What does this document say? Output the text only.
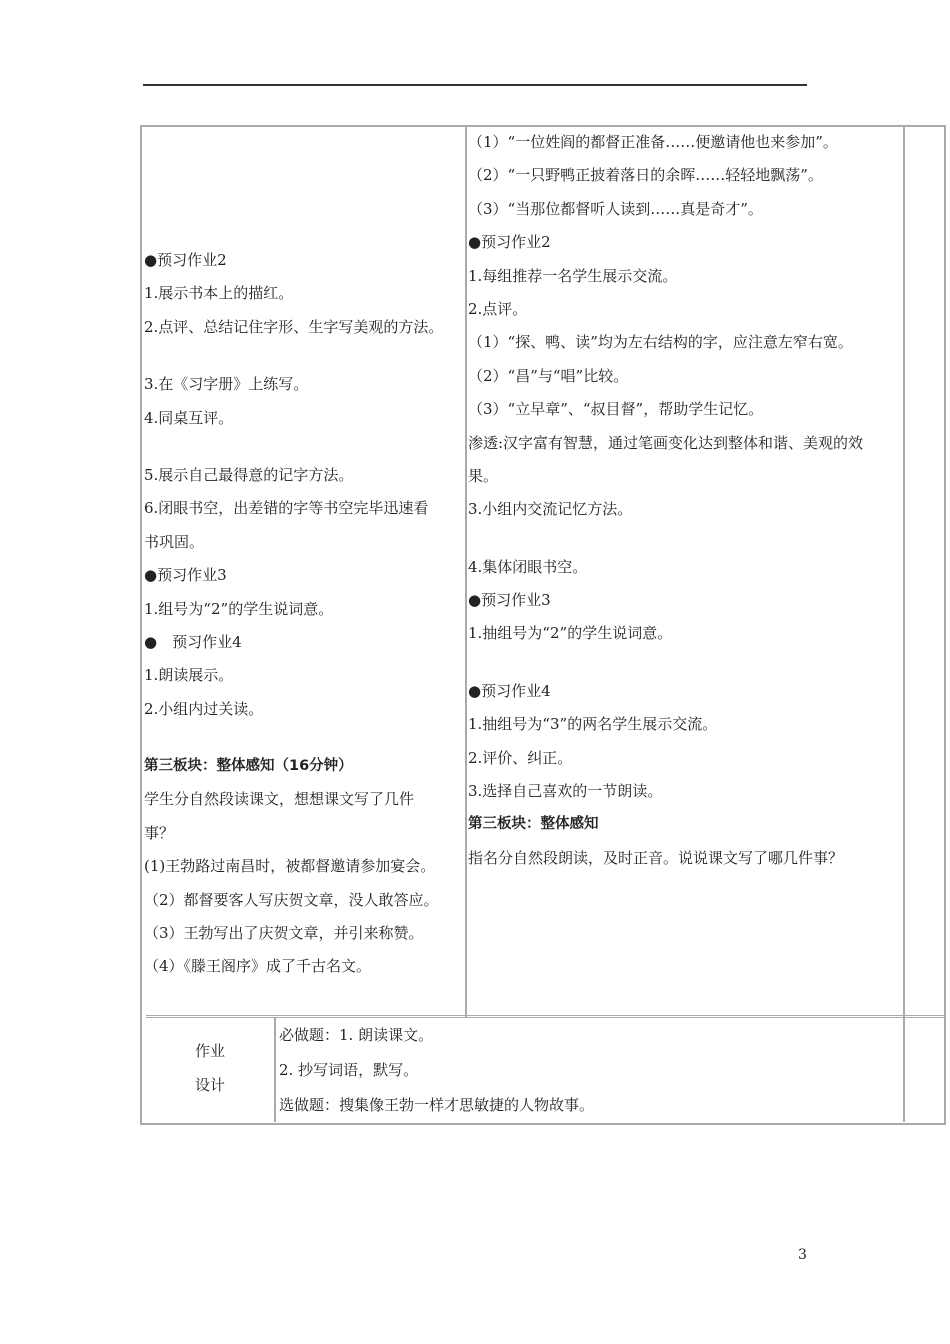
●预习作业2
1.展示书本上的描红。
2.点评、总结记住字形、生字写美观的方法。
3.在《习字册》上练写。
4.同桌互评。
5.展示自己最得意的记字方法。
6.闭眼书空，出差错的字等书空完毕迅速看
书巩固。
●预习作业3
1.组号为“2”的学生说词意。
●　预习作业4
1.朗读展示。
2.小组内过关读。
第三板块：整体感知（16分钟）
学生分自然段读课文，想想课文写了几件
事？
(1)王勃路过南昌时，被都督邀请参加宴会。
（2）都督要客人写庆贺文章，没人敢答应。
（3）王勃写出了庆贺文章，并引来称赞。
（4）《滕王阁序》成了千古名文。
（1）“一位姓阎的都督正准备……便邀请他也来参加”。
（2）“一只野鸭正披着落日的余晖……轻轻地飘荡”。
（3）“当那位都督听人读到……真是奇才”。
●预习作业2
1.每组推荐一名学生展示交流。
2.点评。
（1）“探、鸭、读”均为左右结构的字，应注意左窄右宽。
（2）“昌”与“唱”比较。
（3）“立早章”、“叔目督”，帮助学生记忆。
渗透:汉字富有智慧，通过笔画变化达到整体和谐、美观的效
果。
3.小组内交流记忆方法。
4.集体闭眼书空。
●预习作业3
1.抽组号为“2”的学生说词意。
●预习作业4
1.抽组号为“3”的两名学生展示交流。
2.评价、纠正。
3.选择自己喜欢的一节朗读。
第三板块：整体感知
指名分自然段朗读，及时正音。说说课文写了哪几件事？
作业
设计
必做题：1. 朗读课文。
2. 抄写词语，默写。
选做题：搜集像王勃一样才思敏捷的人物故事。
3
